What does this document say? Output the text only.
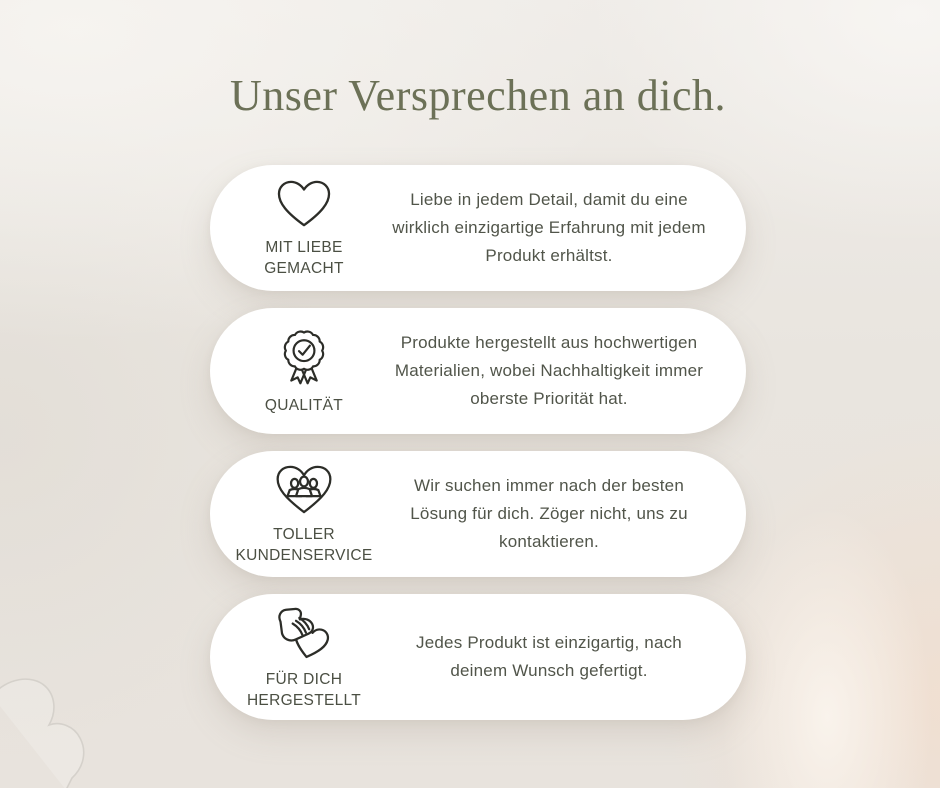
Unser Versprechen an dich.
MIT LIEBE GEMACHT

Liebe in jedem Detail, damit du eine wirklich einzigartige Erfahrung mit jedem Produkt erhältst.

QUALITÄT

Produkte hergestellt aus hochwertigen Materialien, wobei Nachhaltigkeit immer oberste Priorität hat.

TOLLER KUNDENSERVICE

Wir suchen immer nach der besten Lösung für dich. Zöger nicht, uns zu kontaktieren.

FÜR DICH HERGESTELLT

Jedes Produkt ist einzigartig, nach deinem Wunsch gefertigt.
